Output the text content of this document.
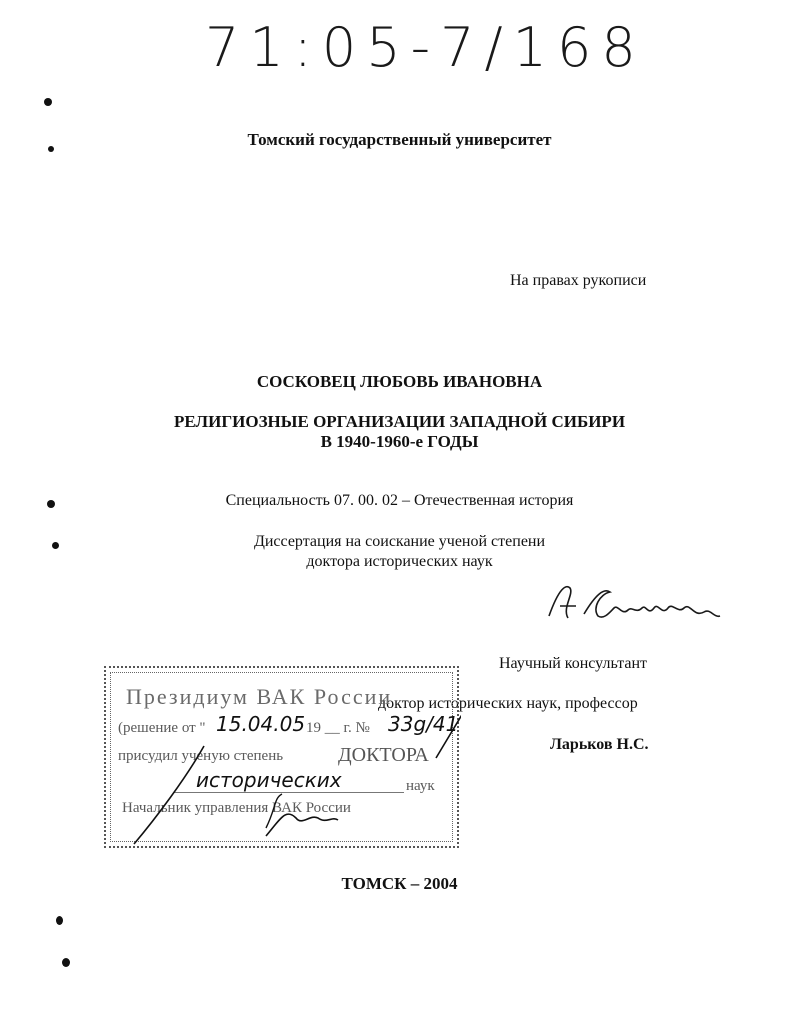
71:05-7/168
Томский государственный университет
На правах рукописи
СОСКОВЕЦ ЛЮБОВЬ ИВАНОВНА
РЕЛИГИОЗНЫЕ ОРГАНИЗАЦИИ ЗАПАДНОЙ СИБИРИ
В 1940-1960-е ГОДЫ
Специальность 07. 00. 02 – Отечественная история
Диссертация на соискание ученой степени
доктора исторических наук
Научный консультант
доктор исторических наук, профессор
Ларьков Н.С.
Президиум ВАК России
(решение от " 15.04.05 19 __ г. № 33g/41
присудил ученую степень	ДОКТОРА
исторических	наук
Начальник управления ВАК России
ТОМСК – 2004
